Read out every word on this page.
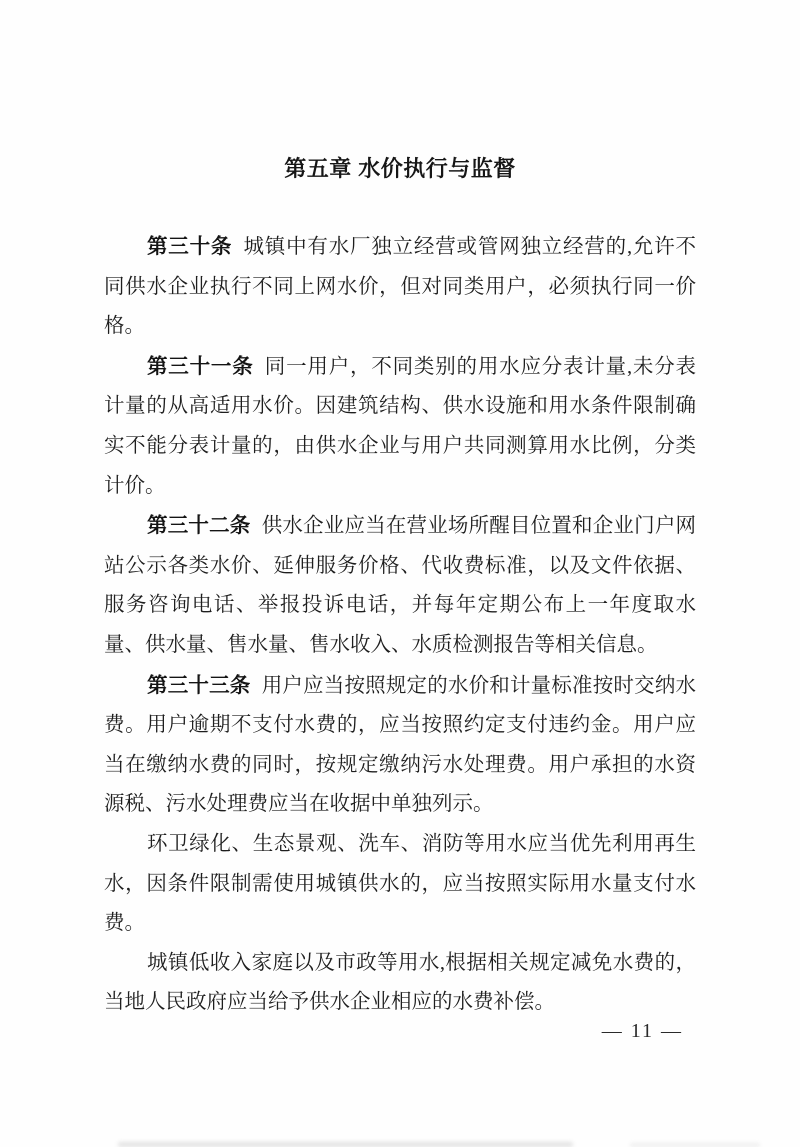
第五章 水价执行与监督

第三十条 城镇中有水厂独立经营或管网独立经营的,允许不同供水企业执行不同上网水价，但对同类用户，必须执行同一价格。

第三十一条 同一用户，不同类别的用水应分表计量,未分表计量的从高适用水价。因建筑结构、供水设施和用水条件限制确实不能分表计量的，由供水企业与用户共同测算用水比例，分类计价。

第三十二条 供水企业应当在营业场所醒目位置和企业门户网站公示各类水价、延伸服务价格、代收费标准，以及文件依据、服务咨询电话、举报投诉电话，并每年定期公布上一年度取水量、供水量、售水量、售水收入、水质检测报告等相关信息。

第三十三条 用户应当按照规定的水价和计量标准按时交纳水费。用户逾期不支付水费的，应当按照约定支付违约金。用户应当在缴纳水费的同时，按规定缴纳污水处理费。用户承担的水资源税、污水处理费应当在收据中单独列示。

环卫绿化、生态景观、洗车、消防等用水应当优先利用再生水，因条件限制需使用城镇供水的，应当按照实际用水量支付水费。

城镇低收入家庭以及市政等用水,根据相关规定减免水费的，当地人民政府应当给予供水企业相应的水费补偿。

— 11 —
